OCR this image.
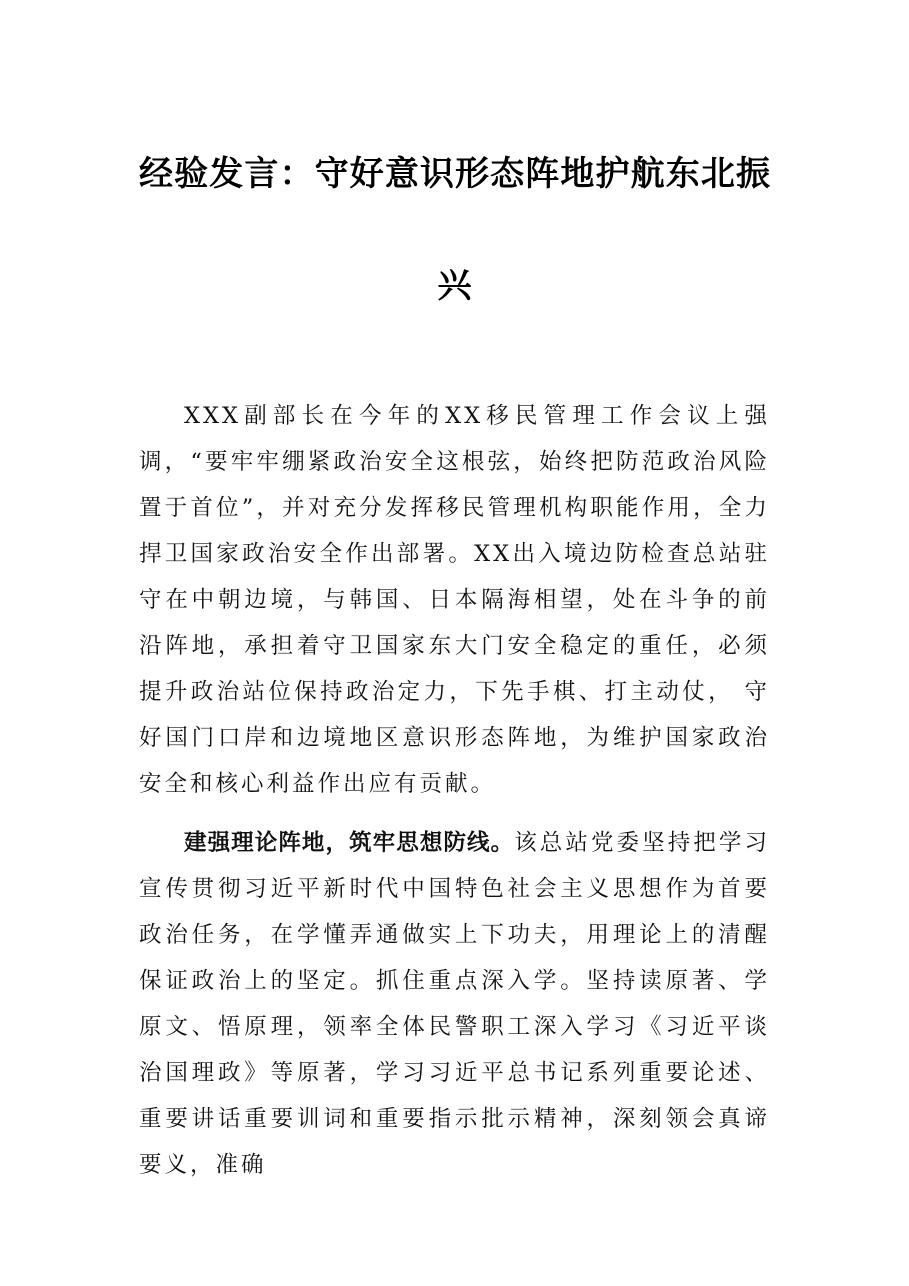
经验发言：守好意识形态阵地护航东北振
兴

XXX副部长在今年的XX移民管理工作会议上强调，“要牢牢绷紧政治安全这根弦，始终把防范政治风险置于首位”，并对充分发挥移民管理机构职能作用，全力捍卫国家政治安全作出部署。XX出入境边防检查总站驻守在中朝边境，与韩国、日本隔海相望，处在斗争的前沿阵地，承担着守卫国家东大门安全稳定的重任，必须提升政治站位保持政治定力，下先手棋、打主动仗， 守好国门口岸和边境地区意识形态阵地，为维护国家政治安全和核心利益作出应有贡献。

建强理论阵地，筑牢思想防线。该总站党委坚持把学习宣传贯彻习近平新时代中国特色社会主义思想作为首要政治任务，在学懂弄通做实上下功夫，用理论上的清醒保证政治上的坚定。抓住重点深入学。坚持读原著、学原文、悟原理，领率全体民警职工深入学习《习近平谈治国理政》等原著，学习习近平总书记系列重要论述、重要讲话重要训词和重要指示批示精神，深刻领会真谛要义，准确
